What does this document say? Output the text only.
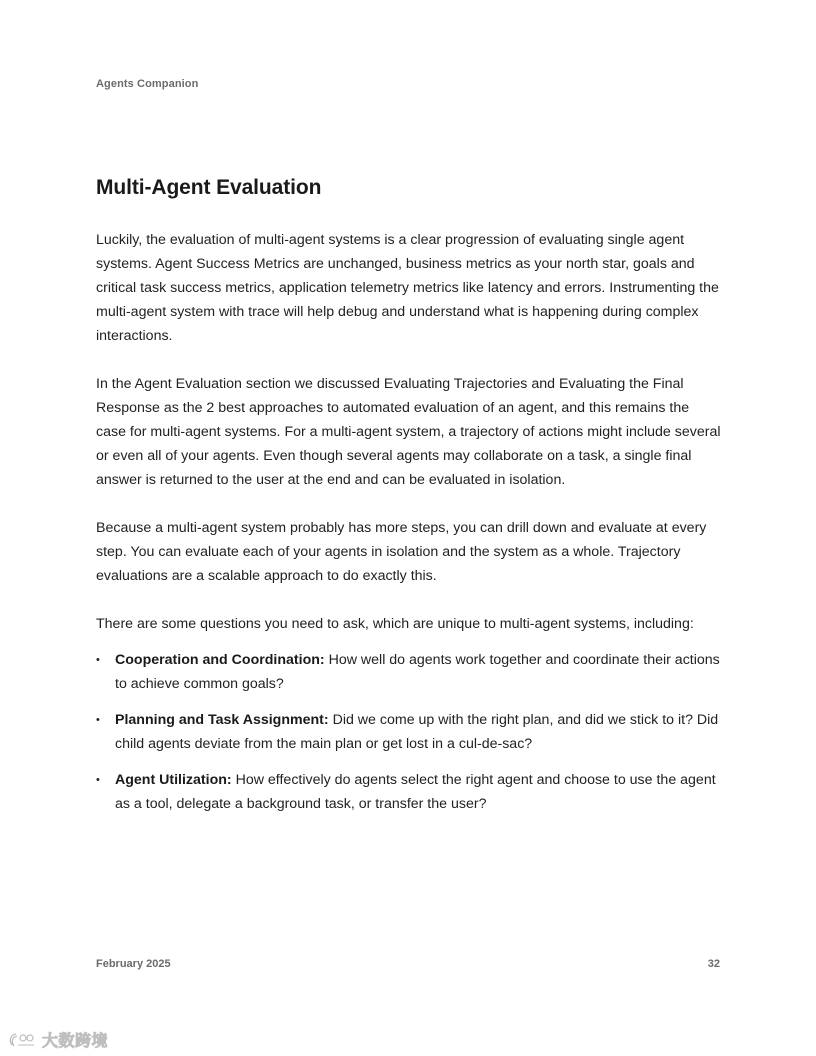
Agents Companion
Multi-Agent Evaluation

Luckily, the evaluation of multi-agent systems is a clear progression of evaluating single agent systems. Agent Success Metrics are unchanged, business metrics as your north star, goals and critical task success metrics, application telemetry metrics like latency and errors. Instrumenting the multi-agent system with trace will help debug and understand what is happening during complex interactions.

In the Agent Evaluation section we discussed Evaluating Trajectories and Evaluating the Final Response as the 2 best approaches to automated evaluation of an agent, and this remains the case for multi-agent systems. For a multi-agent system, a trajectory of actions might include several or even all of your agents. Even though several agents may collaborate on a task, a single final answer is returned to the user at the end and can be evaluated in isolation.

Because a multi-agent system probably has more steps, you can drill down and evaluate at every step. You can evaluate each of your agents in isolation and the system as a whole. Trajectory evaluations are a scalable approach to do exactly this.

There are some questions you need to ask, which are unique to multi-agent systems, including:

• Cooperation and Coordination: How well do agents work together and coordinate their actions to achieve common goals?
• Planning and Task Assignment: Did we come up with the right plan, and did we stick to it? Did child agents deviate from the main plan or get lost in a cul-de-sac?
• Agent Utilization: How effectively do agents select the right agent and choose to use the agent as a tool, delegate a background task, or transfer the user?
February 2025	32
大数跨境
